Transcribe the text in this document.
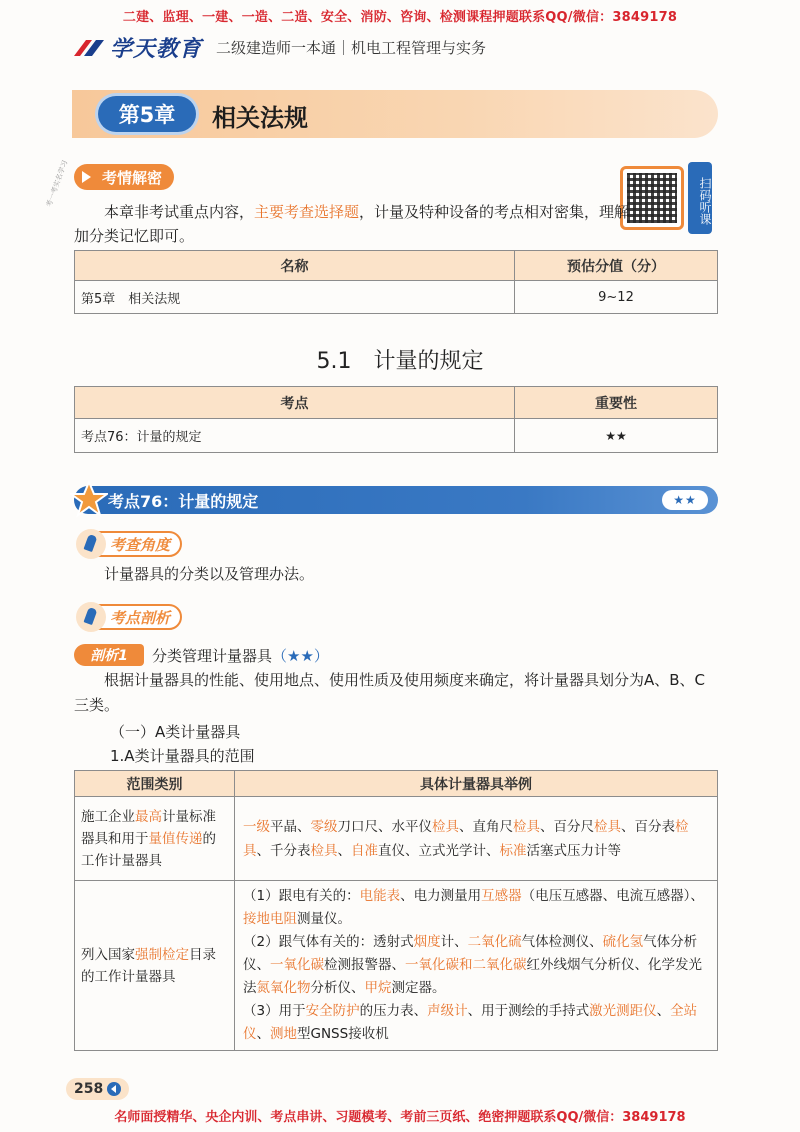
二建、监理、一建、一造、二造、安全、消防、咨询、检测课程押题联系QQ/微信：3849178
学天教育 二级建造师一本通｜机电工程管理与实务
第5章	相关法规
考情解密	扫码听课
本章非考试重点内容，主要考查选择题，计量及特种设备的考点相对密集，理解加分类记忆即可。
名称	预估分值（分）
第5章　相关法规	9~12
5.1　计量的规定
考点	重要性
考点76：计量的规定	★★
考点76：计量的规定	★★
考查角度
计量器具的分类以及管理办法。
考点剖析
剖析1	分类管理计量器具（★★）
根据计量器具的性能、使用地点、使用性质及使用频度来确定，将计量器具划分为A、B、C三类。
（一）A类计量器具
1.A类计量器具的范围
范围类别	具体计量器具举例
施工企业最高计量标准器具和用于量值传递的工作计量器具	一级平晶、零级刀口尺、水平仪检具、直角尺检具、百分尺检具、百分表检具、千分表检具、自准直仪、立式光学计、标准活塞式压力计等
列入国家强制检定目录的工作计量器具	（1）跟电有关的：电能表、电力测量用互感器（电压互感器、电流互感器）、接地电阻测量仪。
（2）跟气体有关的：透射式烟度计、二氧化硫气体检测仪、硫化氢气体分析仪、一氧化碳检测报警器、一氧化碳和二氧化碳红外线烟气分析仪、化学发光法氮氧化物分析仪、甲烷测定器。
（3）用于安全防护的压力表、声级计、用于测绘的手持式激光测距仪、全站仪、测地型GNSS接收机
258
考一考实名学习
名师面授精华、央企内训、考点串讲、习题模考、考前三页纸、绝密押题联系QQ/微信：3849178
